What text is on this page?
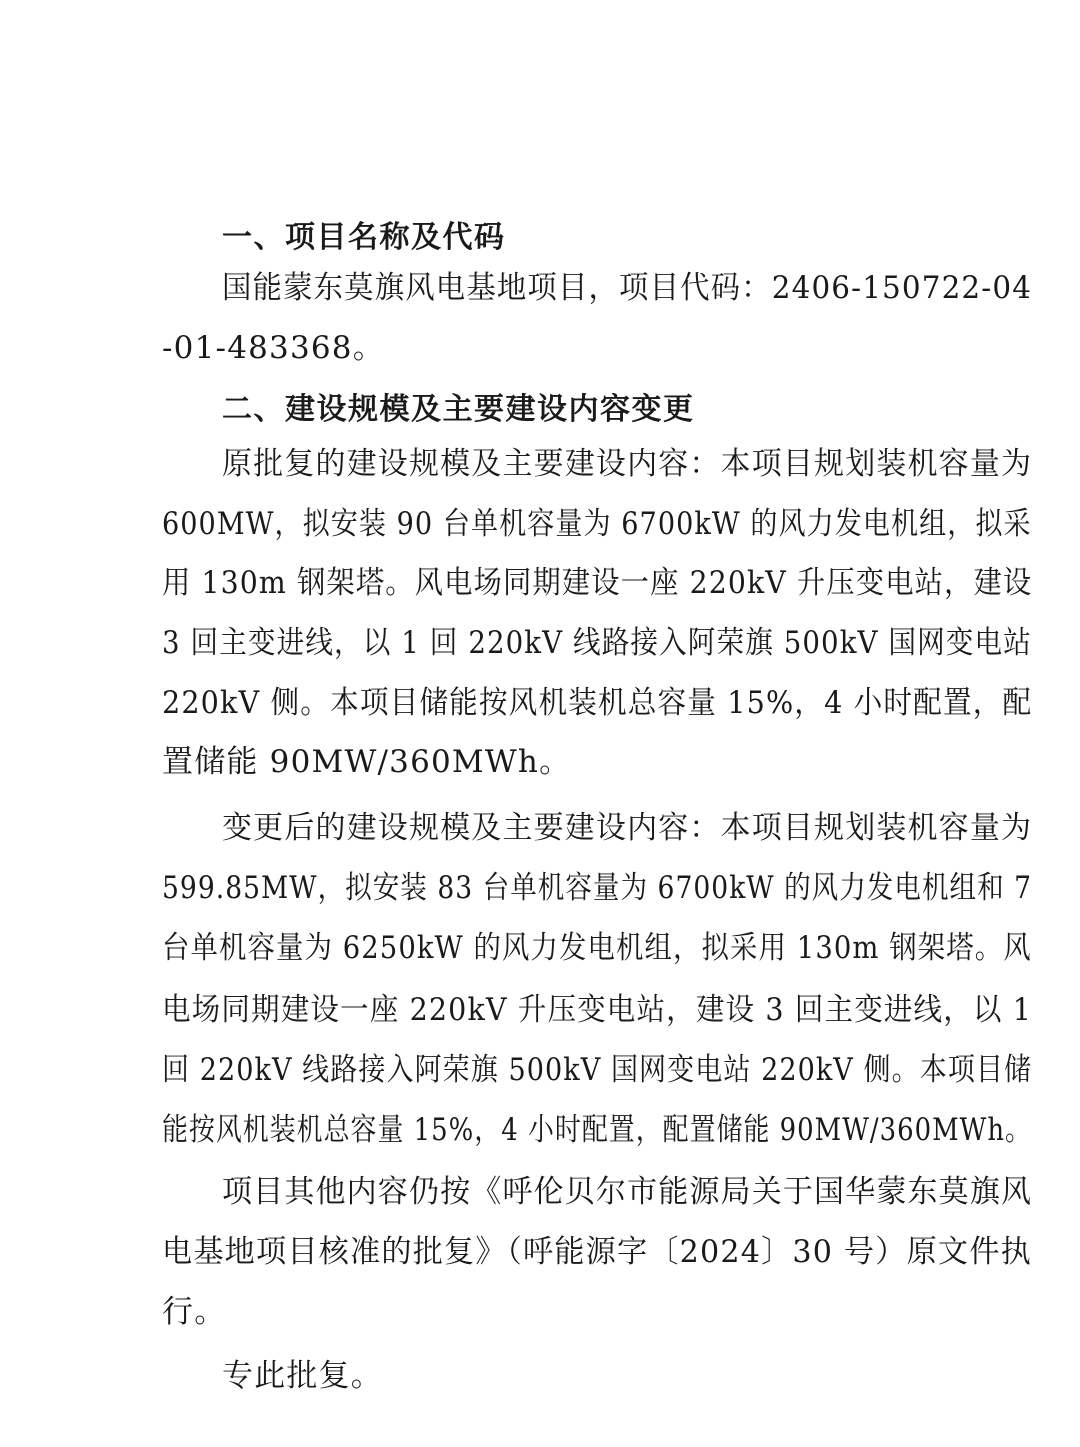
一、项目名称及代码
国能蒙东莫旗风电基地项目，项目代码：2406-150722-04
-01-483368。
二、建设规模及主要建设内容变更
原批复的建设规模及主要建设内容：本项目规划装机容量为
600MW，拟安装 90 台单机容量为 6700kW 的风力发电机组，拟采
用 130m 钢架塔。风电场同期建设一座 220kV 升压变电站，建设
3 回主变进线，以 1 回 220kV 线路接入阿荣旗 500kV 国网变电站
220kV 侧。本项目储能按风机装机总容量 15%，4 小时配置，配
置储能 90MW/360MWh。
变更后的建设规模及主要建设内容：本项目规划装机容量为
599.85MW，拟安装 83 台单机容量为 6700kW 的风力发电机组和 7
台单机容量为 6250kW 的风力发电机组，拟采用 130m 钢架塔。风
电场同期建设一座 220kV 升压变电站，建设 3 回主变进线，以 1
回 220kV 线路接入阿荣旗 500kV 国网变电站 220kV 侧。本项目储
能按风机装机总容量 15%，4 小时配置，配置储能 90MW/360MWh。
项目其他内容仍按《呼伦贝尔市能源局关于国华蒙东莫旗风
电基地项目核准的批复》（呼能源字〔2024〕30 号）原文件执
行。
专此批复。
